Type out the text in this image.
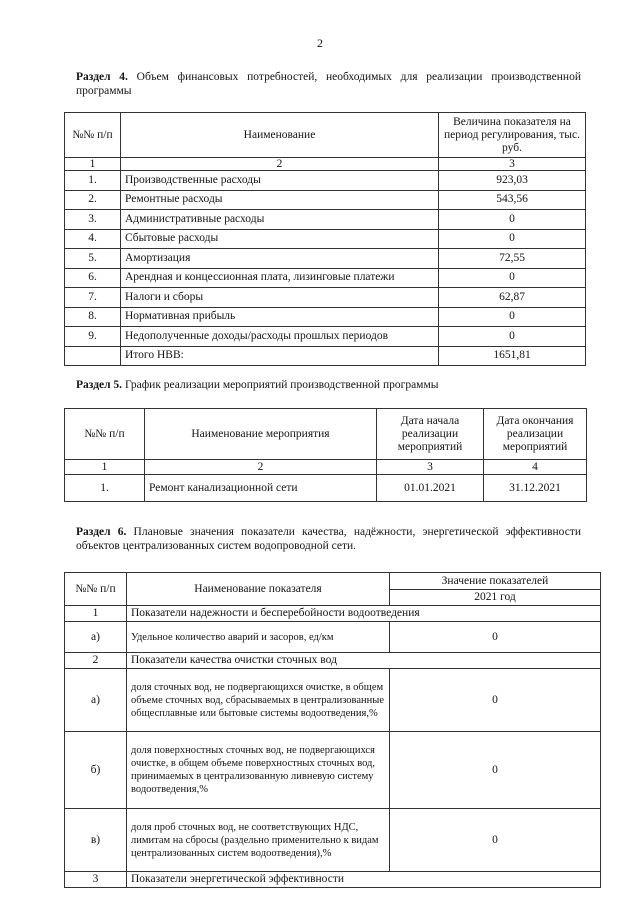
2
Раздел 4. Объем финансовых потребностей, необходимых для реализации производственной программы
№№ п/п	Наименование	Величина показателя на период регулирования, тыс. руб.
1	2	3
1.	Производственные расходы	923,03
2.	Ремонтные расходы	543,56
3.	Административные расходы	0
4.	Сбытовые расходы	0
5.	Амортизация	72,55
6.	Арендная и концессионная плата, лизинговые платежи	0
7.	Налоги и сборы	62,87
8.	Нормативная прибыль	0
9.	Недополученные доходы/расходы прошлых периодов	0
	Итого НВВ:	1651,81
Раздел 5. График реализации мероприятий производственной программы
№№ п/п	Наименование мероприятия	Дата начала реализации мероприятий	Дата окончания реализации мероприятий
1	2	3	4
1.	Ремонт канализационной сети	01.01.2021	31.12.2021
Раздел 6. Плановые значения показатели качества, надёжности, энергетической эффективности объектов централизованных систем водопроводной сети.
№№ п/п	Наименование показателя	Значение показателей
		2021 год
1	Показатели надежности и бесперебойности водоотведения	
а)	Удельное количество аварий и засоров, ед/км	0
2	Показатели качества очистки сточных вод	
а)	доля сточных вод, не подвергающихся очистке, в общем объеме сточных вод, сбрасываемых в централизованные общесплавные или бытовые системы водоотведения,%	0
б)	доля поверхностных сточных вод, не подвергающихся очистке, в общем объеме поверхностных сточных вод, принимаемых в централизованную ливневую систему водоотведения,%	0
в)	доля проб сточных вод, не соответствующих НДС, лимитам на сбросы (раздельно применительно к видам централизованных систем водоотведения),%	0
3	Показатели энергетической эффективности	
